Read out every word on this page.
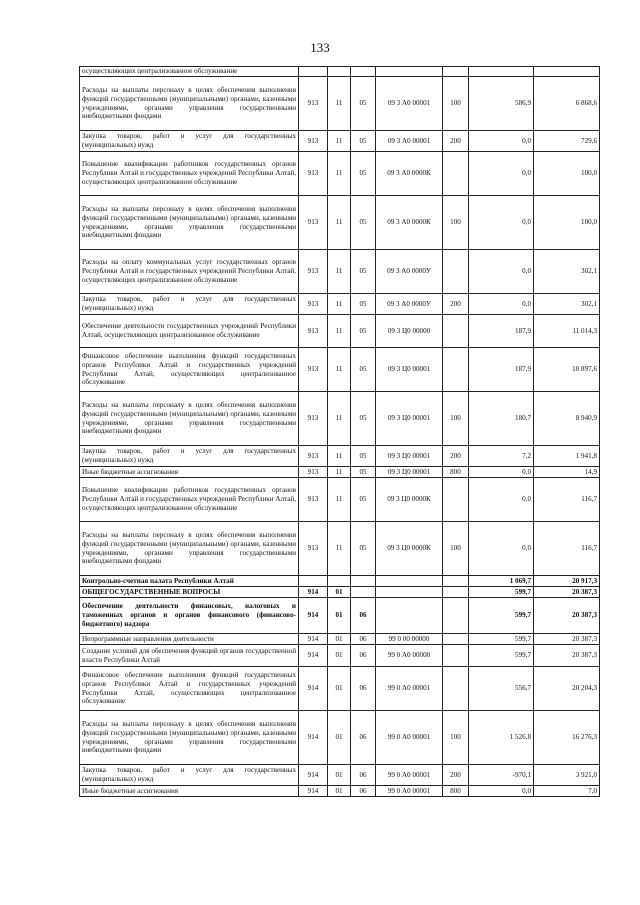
133
осуществляющих централизованное обслуживание							
Расходы на выплаты персоналу в целях обеспечения выполнения функций государственными (муниципальными) органами, казенными учреждениями, органами управления государственными внебюджетными фондами	913	11	05	09 3 А0 00001	100	586,9	6 868,6
Закупка товаров, работ и услуг для государственных (муниципальных) нужд	913	11	05	09 3 А0 00001	200	0,0	729,6
Повышение квалификации работников государственных органов Республики Алтай и государственных учреждений Республики Алтай, осуществляющих централизованное обслуживание	913	11	05	09 3 А0 0000К		0,0	100,0
Расходы на выплаты персоналу в целях обеспечения выполнения функций государственными (муниципальными) органами, казенными учреждениями, органами управления государственными внебюджетными фондами	913	11	05	09 3 А0 0000К	100	0,0	100,0
Расходы на оплату коммунальных услуг государственных органов Республики Алтай и государственных учреждений Республики Алтай, осуществляющих централизованное обслуживание	913	11	05	09 3 А0 0000У		0,0	302,1
Закупка товаров, работ и услуг для государственных (муниципальных) нужд	913	11	05	09 3 А0 0000У	200	0,0	302,1
Обеспечение деятельности государственных учреждений Республики Алтай, осуществляющих централизованное обслуживание	913	11	05	09 3 Ц0 00000		187,9	11 014,3
Финансовое обеспечение выполнения функций государственных органов Республики Алтай и государственных учреждений Республики Алтай, осуществляющих централизованное обслуживание	913	11	05	09 3 Ц0 00001		187,9	10 897,6
Расходы на выплаты персоналу в целях обеспечения выполнения функций государственными (муниципальными) органами, казенными учреждениями, органами управления государственными внебюджетными фондами	913	11	05	09 3 Ц0 00001	100	180,7	8 940,9
Закупка товаров, работ и услуг для государственных (муниципальных) нужд	913	11	05	09 3 Ц0 00001	200	7,2	1 941,8
Иные бюджетные ассигнования	913	11	05	09 3 Ц0 00001	800	0,0	14,9
Повышение квалификации работников государственных органов Республики Алтай и государственных учреждений Республики Алтай, осуществляющих централизованное обслуживание	913	11	05	09 3 Ц0 0000К		0,0	116,7
Расходы на выплаты персоналу в целях обеспечения выполнения функций государственными (муниципальными) органами, казенными учреждениями, органами управления государственными внебюджетными фондами	913	11	05	09 3 Ц0 0000К	100	0,0	116,7
Контрольно-счетная палата Республики Алтай						1 069,7	20 917,3
ОБЩЕГОСУДАРСТВЕННЫЕ ВОПРОСЫ	914	01				599,7	20 387,3
Обеспечение деятельности финансовых, налоговых и таможенных органов и органов финансового (финансово-бюджетного) надзора	914	01	06			599,7	20 387,3
Непрограммные направления деятельности	914	01	06	99 0 00 00000		599,7	20 387,3
Создание условий для обеспечения функций органов государственной власти Республики Алтай	914	01	06	99 0 А0 00000		599,7	20 387,3
Финансовое обеспечение выполнения функций государственных органов Республики Алтай и государственных учреждений Республики Алтай, осуществляющих централизованное обслуживание	914	01	06	99 0 А0 00001		556,7	20 204,3
Расходы на выплаты персоналу в целях обеспечения выполнения функций государственными (муниципальными) органами, казенными учреждениями, органами управления государственными внебюджетными фондами	914	01	06	99 0 А0 00001	100	1 526,8	16 276,3
Закупка товаров, работ и услуг для государственных (муниципальных) нужд	914	01	06	99 0 А0 00001	200	-970,1	3 921,0
Иные бюджетные ассигнования	914	01	06	99 0 А0 00001	800	0,0	7,0
